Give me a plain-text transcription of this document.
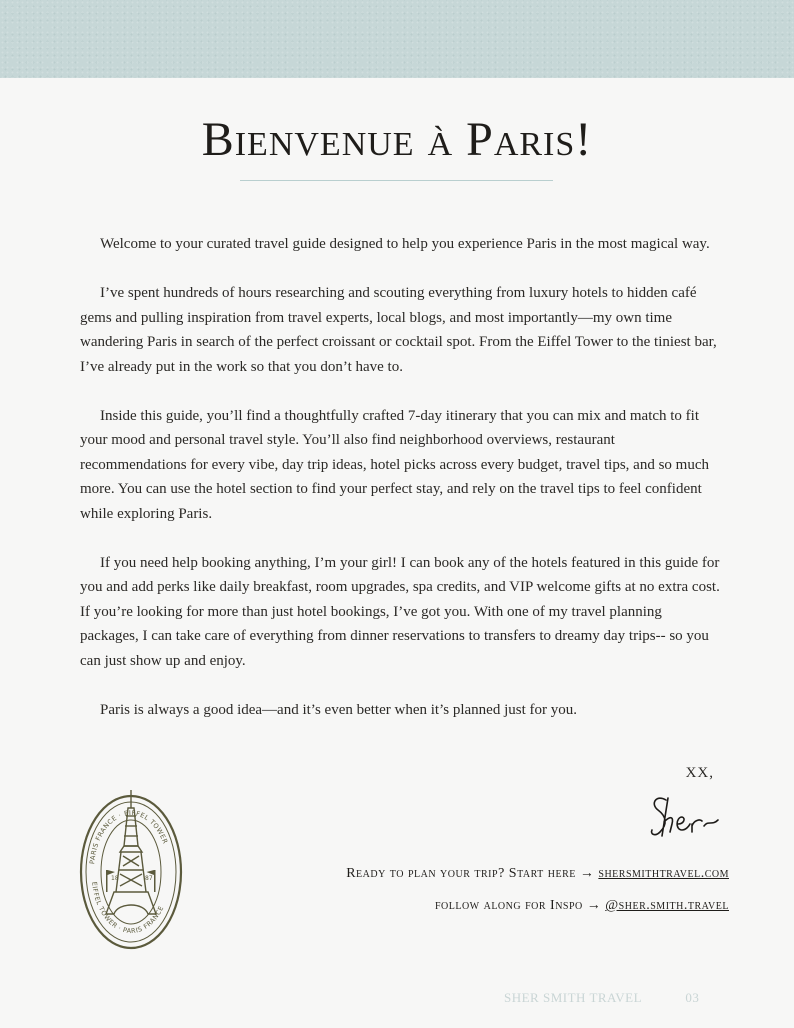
Bienvenue à Paris!

Welcome to your curated travel guide designed to help you experience Paris in the most magical way.

I’ve spent hundreds of hours researching and scouting everything from luxury hotels to hidden café gems and pulling inspiration from travel experts, local blogs, and most importantly—my own time wandering Paris in search of the perfect croissant or cocktail spot. From the Eiffel Tower to the tiniest bar, I’ve already put in the work so that you don’t have to.

Inside this guide, you’ll find a thoughtfully crafted 7-day itinerary that you can mix and match to fit your mood and personal travel style. You’ll also find neighborhood overviews, restaurant recommendations for every vibe, day trip ideas, hotel picks across every budget, travel tips, and so much more. You can use the hotel section to find your perfect stay, and rely on the travel tips to feel confident while exploring Paris.

If you need help booking anything, I’m your girl! I can book any of the hotels featured in this guide for you and add perks like daily breakfast, room upgrades, spa credits, and VIP welcome gifts at no extra cost. If you’re looking for more than just hotel bookings, I’ve got you. With one of my travel planning packages, I can take care of everything from dinner reservations to transfers to dreamy day trips-- so you can just show up and enjoy.

Paris is always a good idea—and it’s even better when it’s planned just for you.

XX,
Ready to plan your trip? Start here → shersmithtravel.com
follow along for Inspo → @sher.smith.travel
PARIS FRANCE · EIFFEL TOWER
EIFFEL TOWER · PARIS FRANCE
18	87
SHER SMITH TRAVEL	03
